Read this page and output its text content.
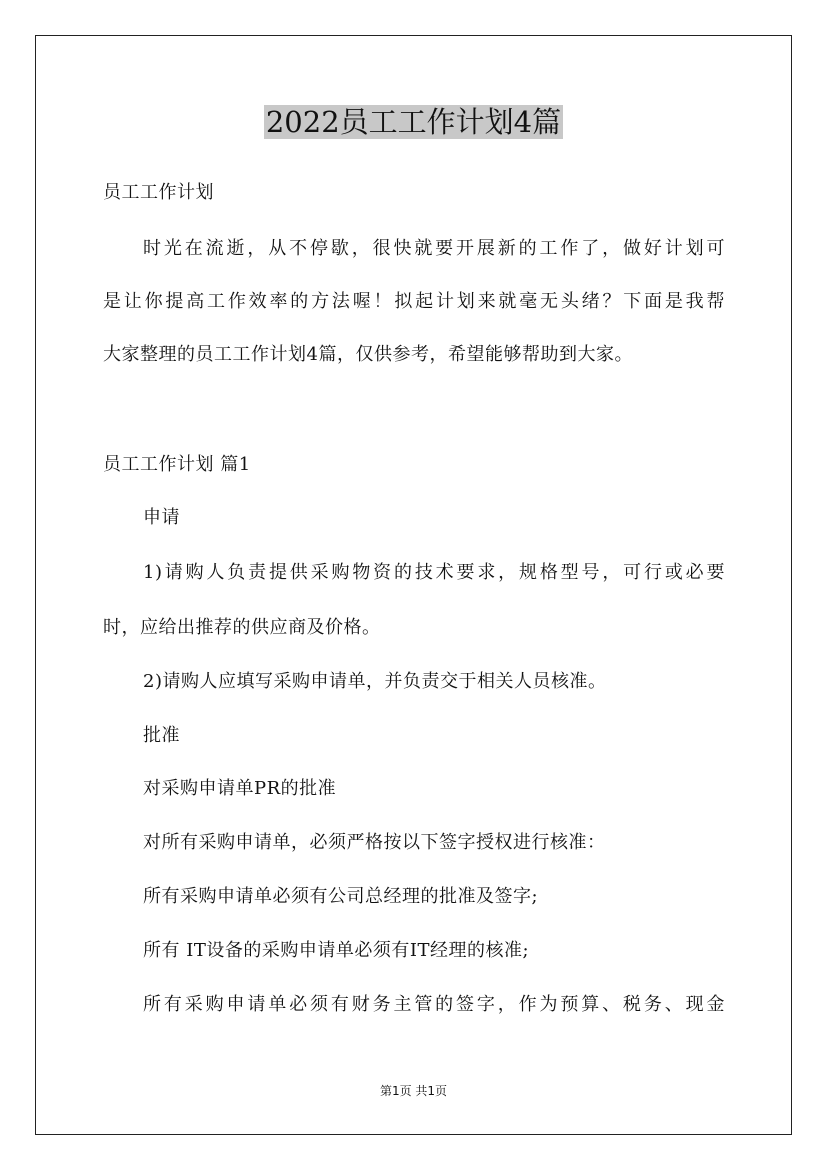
2022员工工作计划4篇
员工工作计划
时光在流逝，从不停歇，很快就要开展新的工作了，做好计划可
是让你提高工作效率的方法喔！拟起计划来就毫无头绪？下面是我帮
大家整理的员工工作计划4篇，仅供参考，希望能够帮助到大家。
员工工作计划 篇1
申请
1)请购人负责提供采购物资的技术要求，规格型号，可行或必要
时，应给出推荐的供应商及价格。
2)请购人应填写采购申请单，并负责交于相关人员核准。
批准
对采购申请单PR的批准
对所有采购申请单，必须严格按以下签字授权进行核准：
所有采购申请单必须有公司总经理的批准及签字;
所有 IT设备的采购申请单必须有IT经理的核准;
所有采购申请单必须有财务主管的签字，作为预算、税务、现金
第1页 共1页
